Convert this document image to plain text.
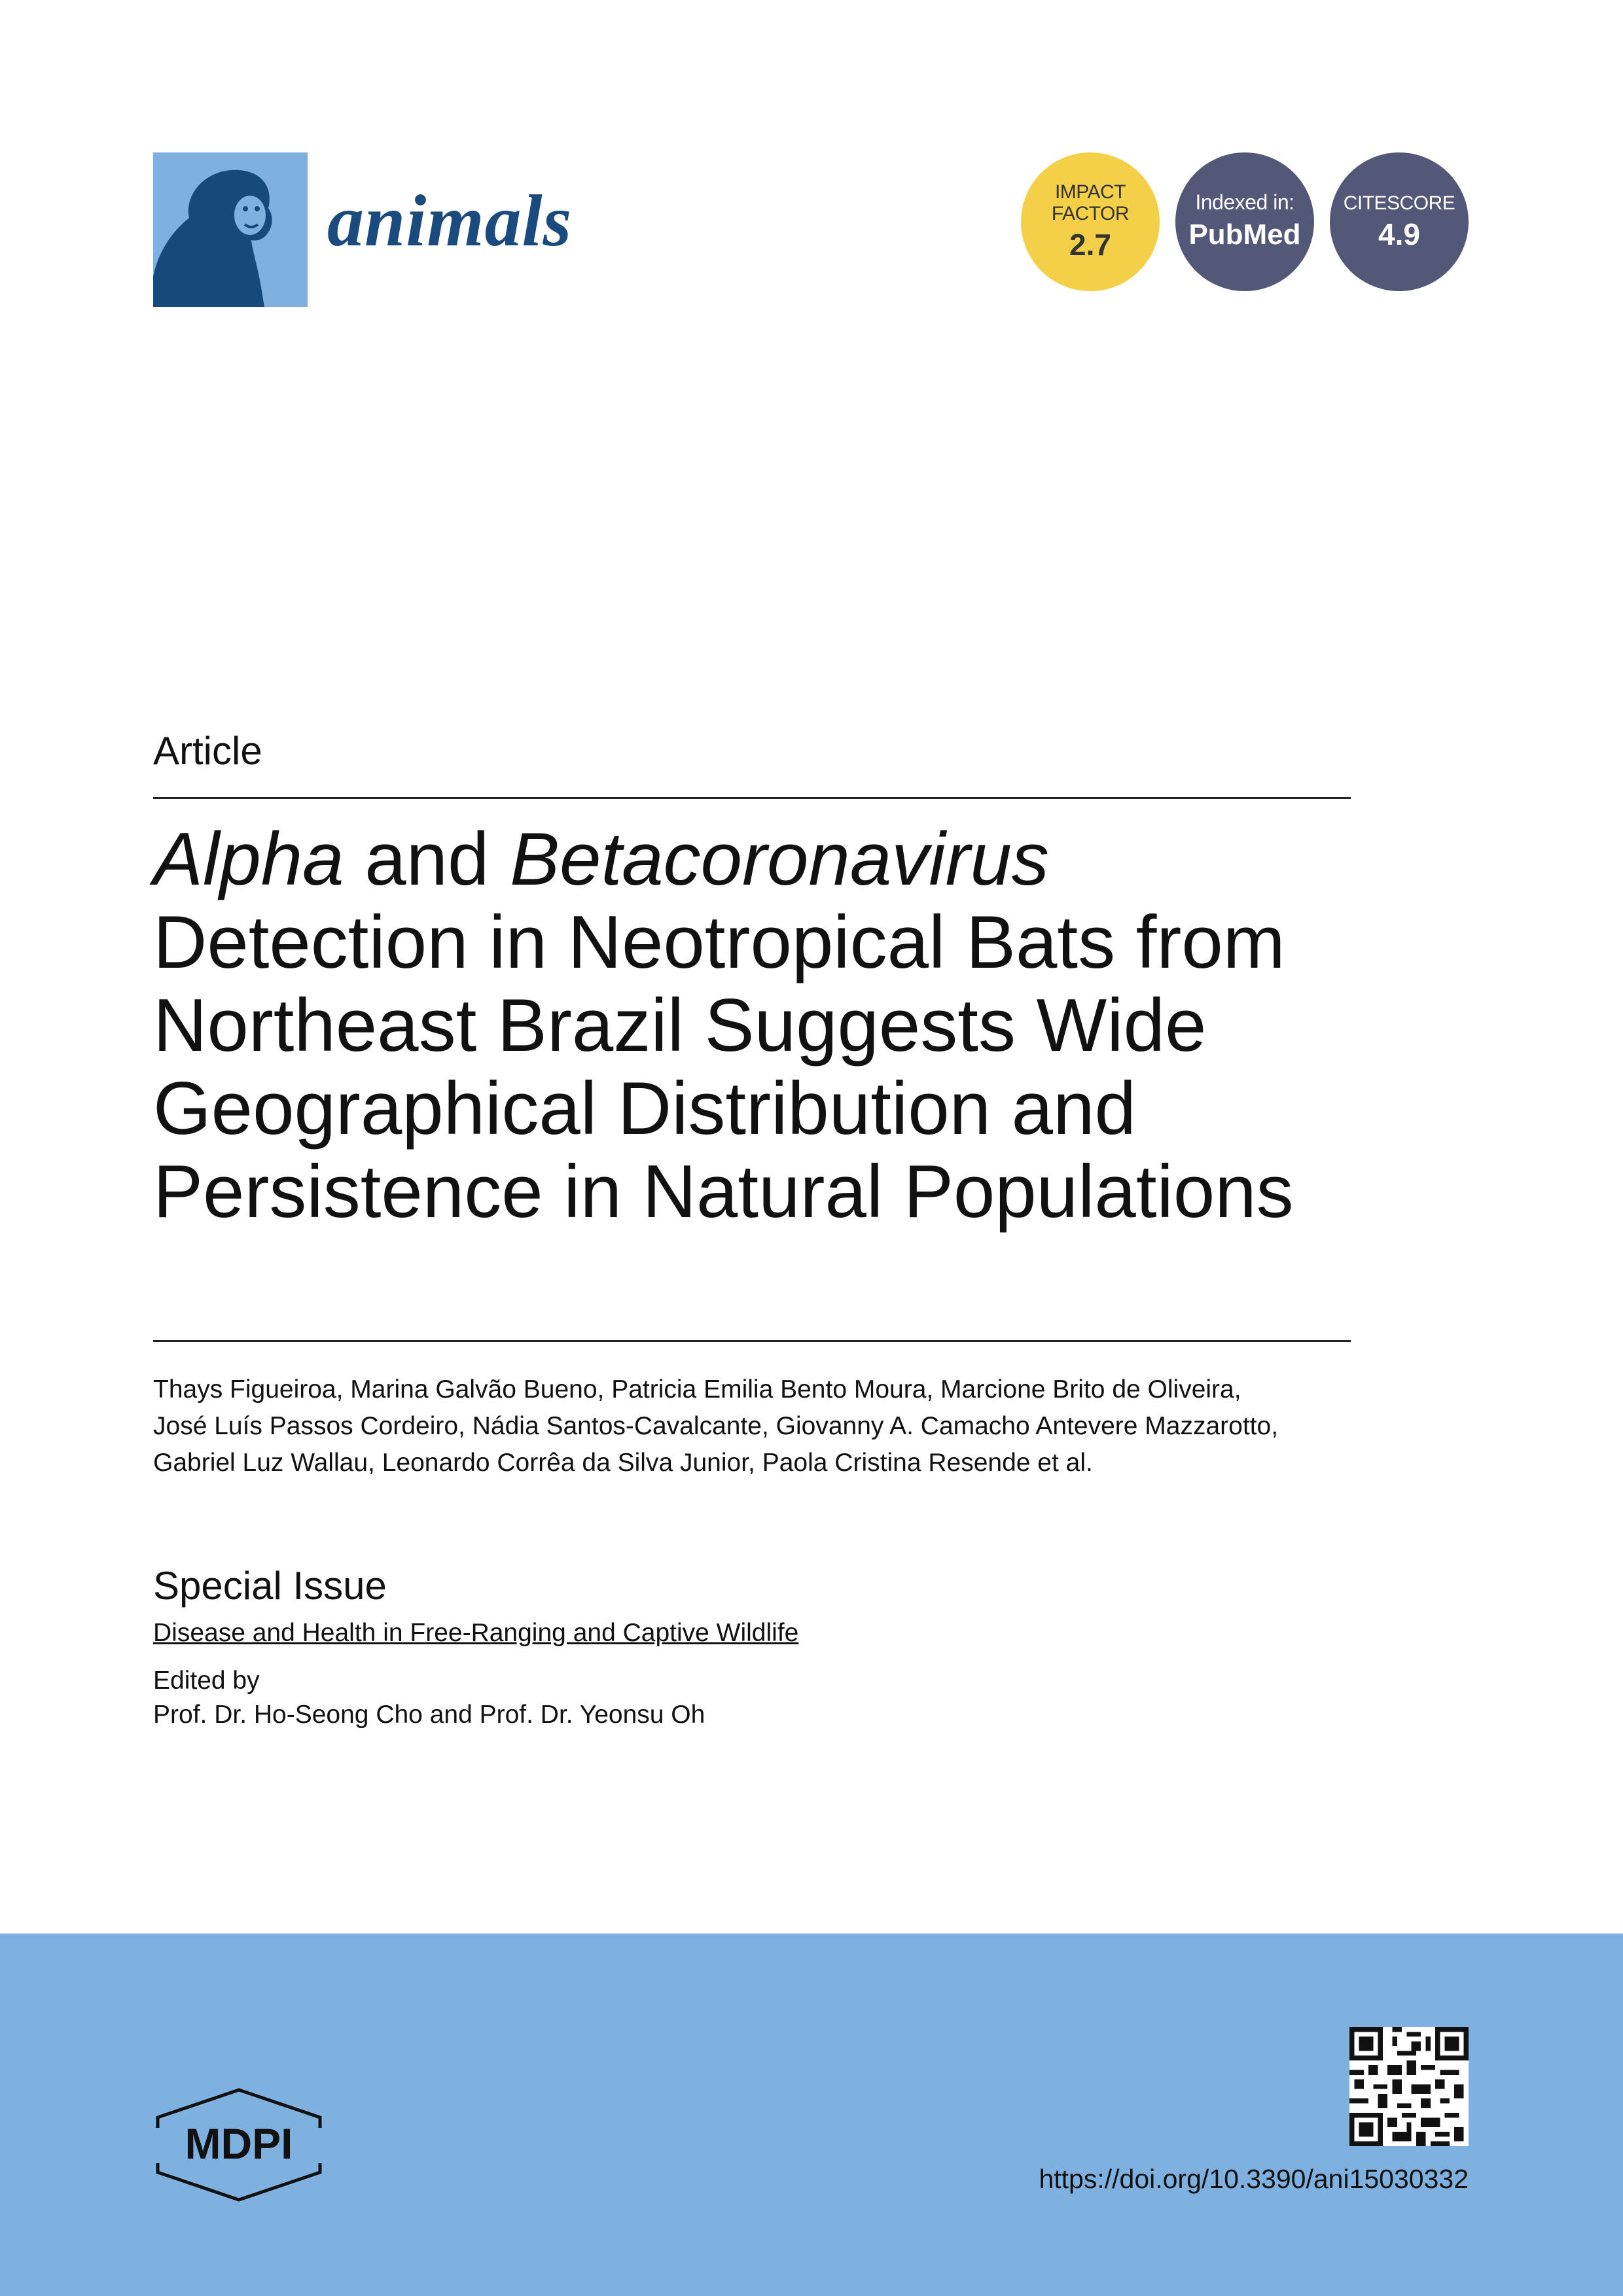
animals	IMPACT
FACTOR
2.7
Indexed in:
PubMed
CITESCORE
4.9
Article
Alpha and Betacoronavirus
Detection in Neotropical Bats from
Northeast Brazil Suggests Wide
Geographical Distribution and
Persistence in Natural Populations
Thays Figueiroa, Marina Galvão Bueno, Patricia Emilia Bento Moura, Marcione Brito de Oliveira,
José Luís Passos Cordeiro, Nádia Santos-Cavalcante, Giovanny A. Camacho Antevere Mazzarotto,
Gabriel Luz Wallau, Leonardo Corrêa da Silva Junior, Paola Cristina Resende et al.
Special Issue
Disease and Health in Free-Ranging and Captive Wildlife
Edited by
Prof. Dr. Ho-Seong Cho and Prof. Dr. Yeonsu Oh
MDPI
https://doi.org/10.3390/ani15030332
